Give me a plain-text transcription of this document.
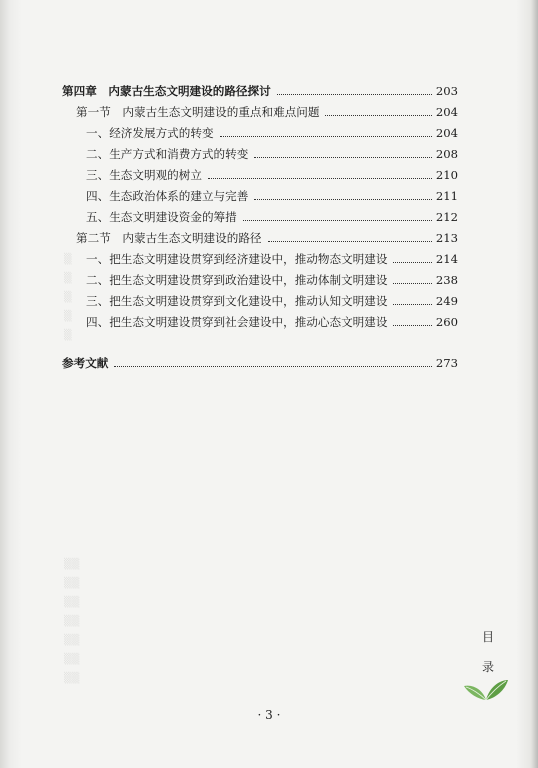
▒
▒
▒
▒
▒
▒▒
▒▒
▒▒
▒▒
▒▒
▒▒
▒▒
第四章　内蒙古生态文明建设的路径探讨	203
第一节　内蒙古生态文明建设的重点和难点问题	204
一、经济发展方式的转变	204
二、生产方式和消费方式的转变	208
三、生态文明观的树立	210
四、生态政治体系的建立与完善	211
五、生态文明建设资金的筹措	212
第二节　内蒙古生态文明建设的路径	213
一、把生态文明建设贯穿到经济建设中，推动物态文明建设	214
二、把生态文明建设贯穿到政治建设中，推动体制文明建设	238
三、把生态文明建设贯穿到文化建设中，推动认知文明建设	249
四、把生态文明建设贯穿到社会建设中，推动心态文明建设	260
参考文献	273
目
录
· 3 ·
